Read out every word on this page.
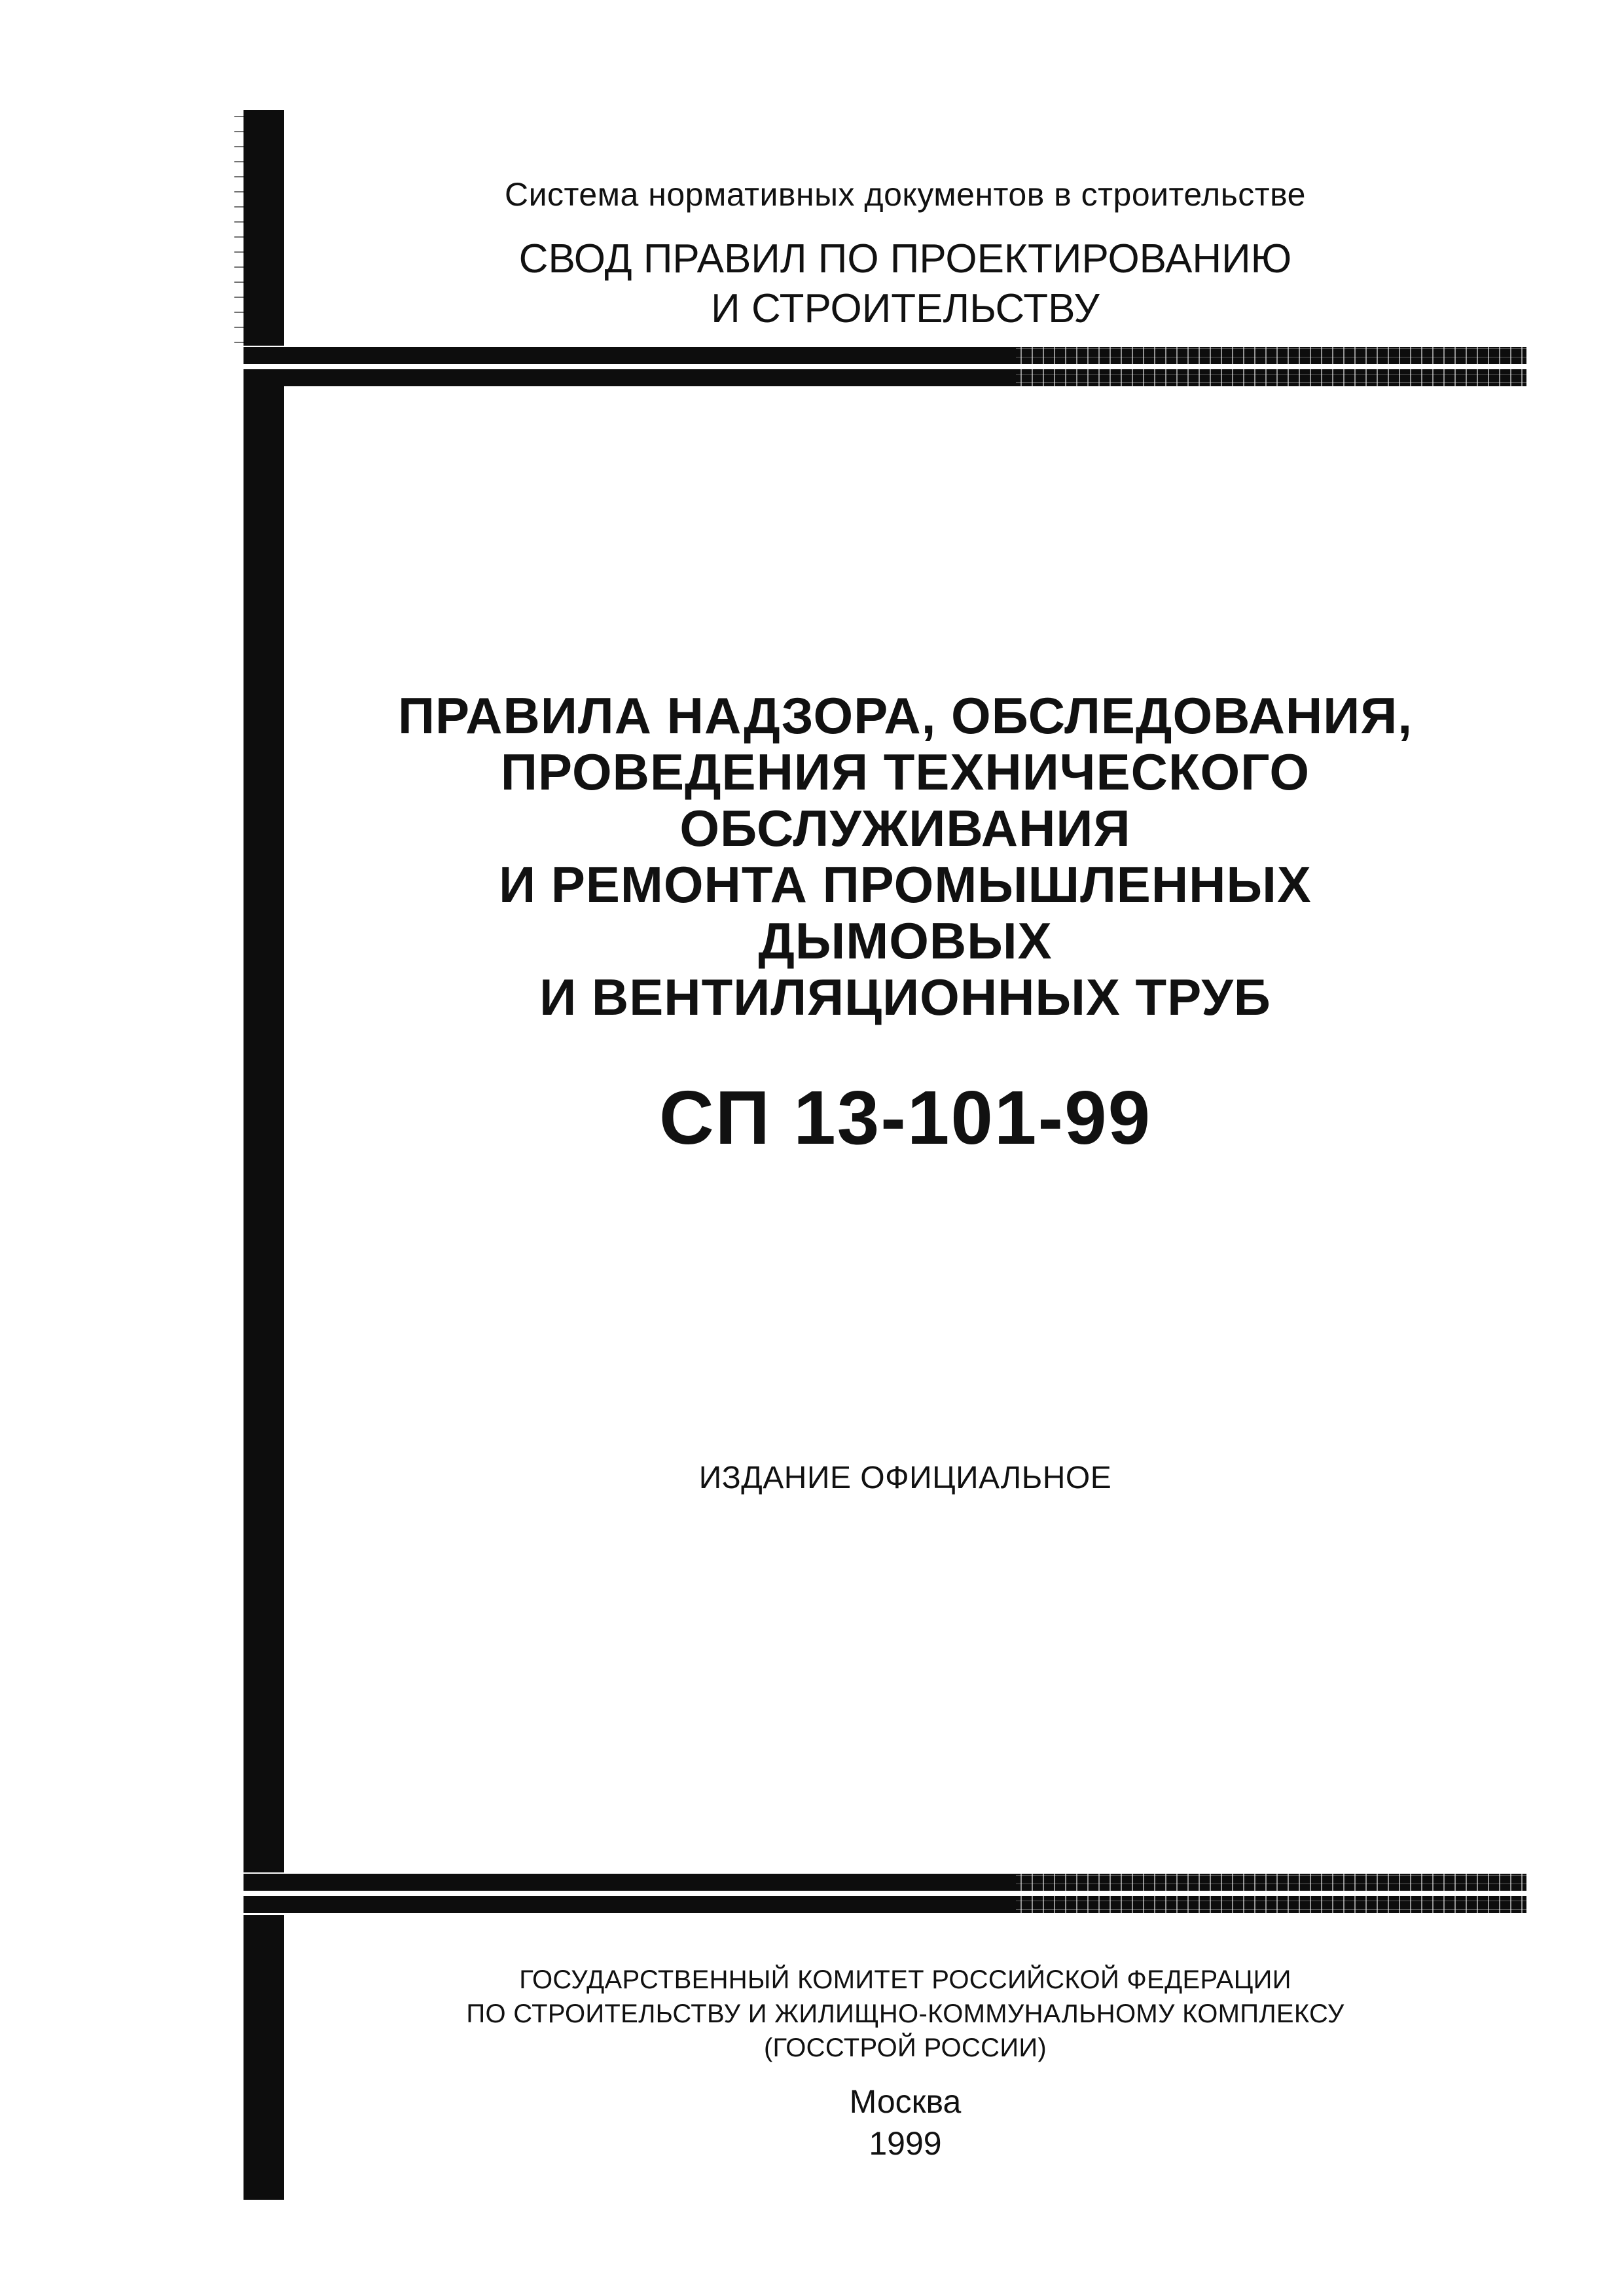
Система нормативных документов в строительстве
СВОД ПРАВИЛ ПО ПРОЕКТИРОВАНИЮ
И СТРОИТЕЛЬСТВУ
ПРАВИЛА НАДЗОРА, ОБСЛЕДОВАНИЯ,
ПРОВЕДЕНИЯ ТЕХНИЧЕСКОГО
ОБСЛУЖИВАНИЯ
И РЕМОНТА ПРОМЫШЛЕННЫХ
ДЫМОВЫХ
И ВЕНТИЛЯЦИОННЫХ ТРУБ
СП 13-101-99
ИЗДАНИЕ ОФИЦИАЛЬНОЕ
ГОСУДАРСТВЕННЫЙ КОМИТЕТ РОССИЙСКОЙ ФЕДЕРАЦИИ
ПО СТРОИТЕЛЬСТВУ И ЖИЛИЩНО-КОММУНАЛЬНОМУ КОМПЛЕКСУ
(ГОССТРОЙ РОССИИ)
Москва
1999
